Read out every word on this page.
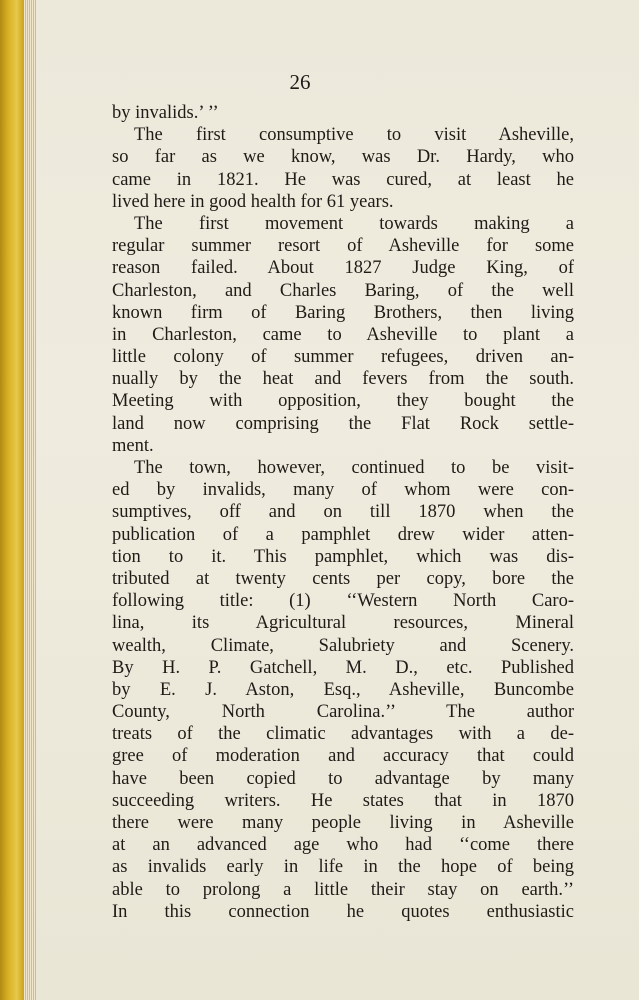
26
by invalids.’ ’’
The first consumptive to visit Asheville,
so far as we know, was Dr. Hardy, who
came in 1821. He was cured, at least he
lived here in good health for 61 years.
The first movement towards making a
regular summer resort of Asheville for some
reason failed. About 1827 Judge King, of
Charleston, and Charles Baring, of the well
known firm of Baring Brothers, then living
in Charleston, came to Asheville to plant a
little colony of summer refugees, driven an-
nually by the heat and fevers from the south.
Meeting with opposition, they bought the
land now comprising the Flat Rock settle-
ment.
The town, however, continued to be visit-
ed by invalids, many of whom were con-
sumptives, off and on till 1870 when the
publication of a pamphlet drew wider atten-
tion to it. This pamphlet, which was dis-
tributed at twenty cents per copy, bore the
following title: (1) ‘‘Western North Caro-
lina, its Agricultural resources, Mineral
wealth, Climate, Salubriety and Scenery.
By H. P. Gatchell, M. D., etc. Published
by E. J. Aston, Esq., Asheville, Buncombe
County, North Carolina.’’ The author
treats of the climatic advantages with a de-
gree of moderation and accuracy that could
have been copied to advantage by many
succeeding writers. He states that in 1870
there were many people living in Asheville
at an advanced age who had ‘‘come there
as invalids early in life in the hope of being
able to prolong a little their stay on earth.’’
In this connection he quotes enthusiastic
